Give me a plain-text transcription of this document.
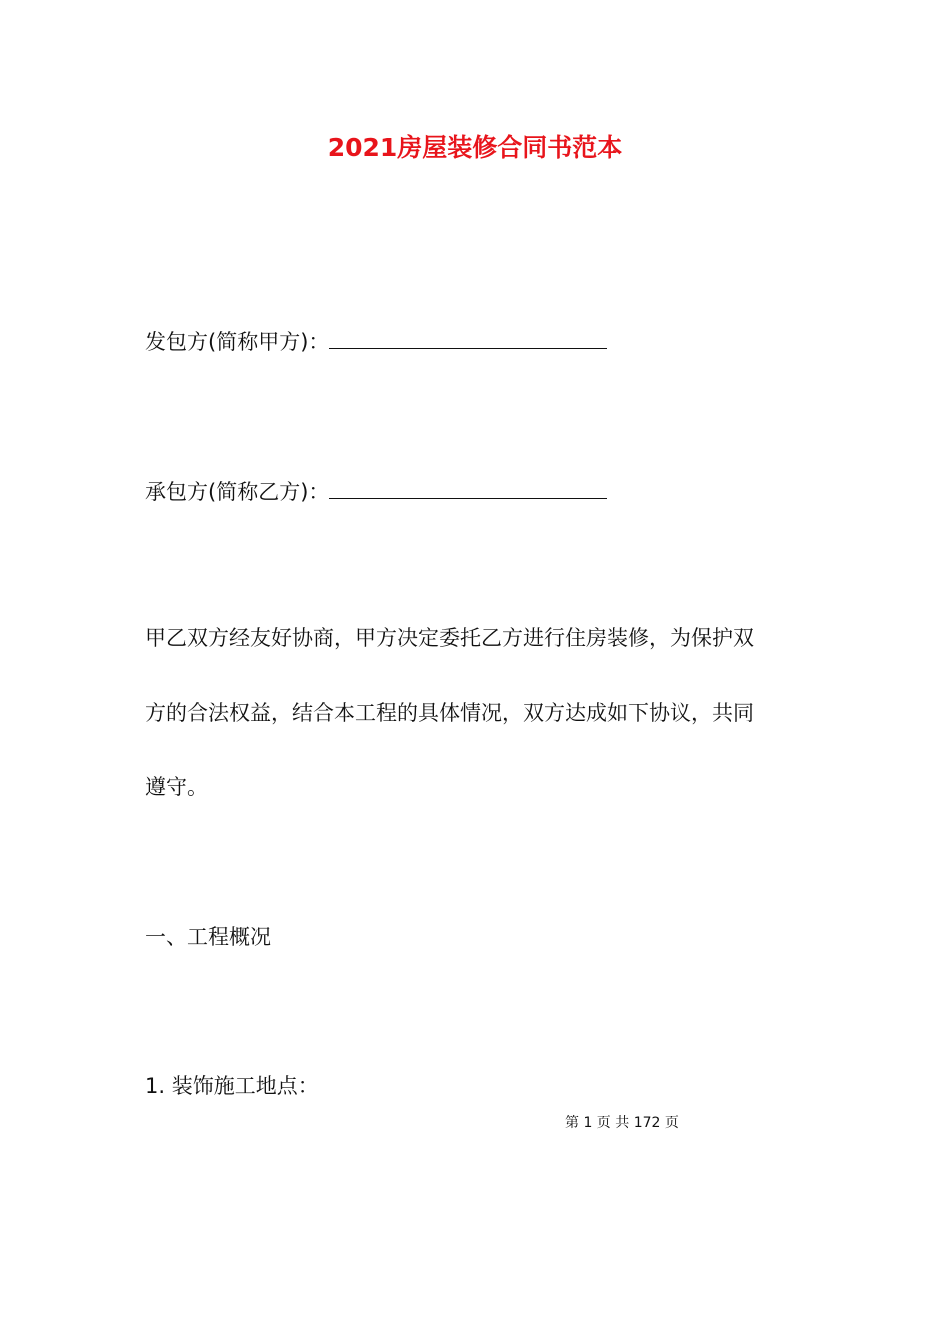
2021房屋装修合同书范本
发包方(简称甲方)：
承包方(简称乙方)：
甲乙双方经友好协商，甲方决定委托乙方进行住房装修，为保护双
方的合法权益，结合本工程的具体情况，双方达成如下协议，共同
遵守。
一、工程概况
1. 装饰施工地点：
第 1 页 共 172 页
